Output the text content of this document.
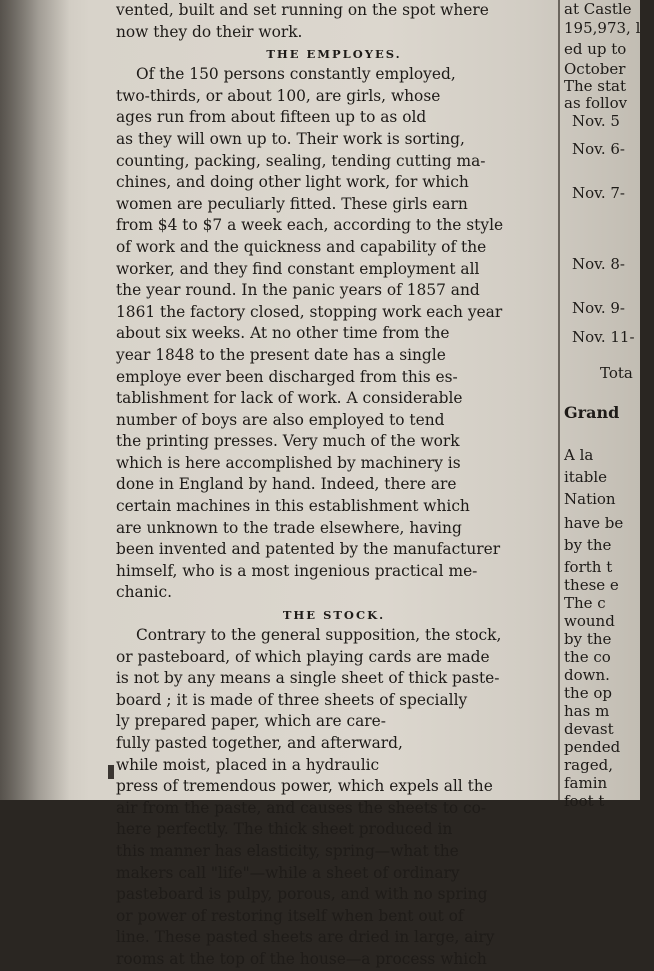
vented, built and set running on the spot where
now they do their work.
THE EMPLOYES.
Of the 150 persons constantly employed,
two-thirds, or about 100, are girls, whose
ages run from about fifteen up to as old
as they will own up to. Their work is sorting,
counting, packing, sealing, tending cutting ma-
chines, and doing other light work, for which
women are peculiarly fitted. These girls earn
from $4 to $7 a week each, according to the style
of work and the quickness and capability of the
worker, and they find constant employment all
the year round. In the panic years of 1857 and
1861 the factory closed, stopping work each year
about six weeks. At no other time from the
year 1848 to the present date has a single
employe ever been discharged from this es-
tablishment for lack of work. A considerable
number of boys are also employed to tend
the printing presses. Very much of the work
which is here accomplished by machinery is
done in England by hand. Indeed, there are
certain machines in this establishment which
are unknown to the trade elsewhere, having
been invented and patented by the manufacturer
himself, who is a most ingenious practical me-
chanic.
THE STOCK.
Contrary to the general supposition, the stock,
or pasteboard, of which playing cards are made
is not by any means a single sheet of thick paste-
board ; it is made of three sheets of specially
ly prepared paper, which are care-
fully pasted together, and afterward,
while moist, placed in a hydraulic
press of tremendous power, which expels all the
air from the paste, and causes the sheets to co-
here perfectly. The thick sheet produced in
this manner has elasticity, spring—what the
makers call "life"—while a sheet of ordinary
pasteboard is pulpy, porous, and with no spring
or power of restoring itself when bent out of
line. These pasted sheets are dried in large, airy
rooms at the top of the house—a process which
at Castle
195,973, l
ed up to
October
The stat
as follov
Nov. 5
Nov. 6-
Nov. 7-
Nov. 8-
Nov. 9-
Nov. 11-
Tota
Grand
A la
itable
Nation
have be
by the
forth t
these e
The c
wound
by the
the co
down.
the op
has m
devast
pended
raged,
famin
foot t
